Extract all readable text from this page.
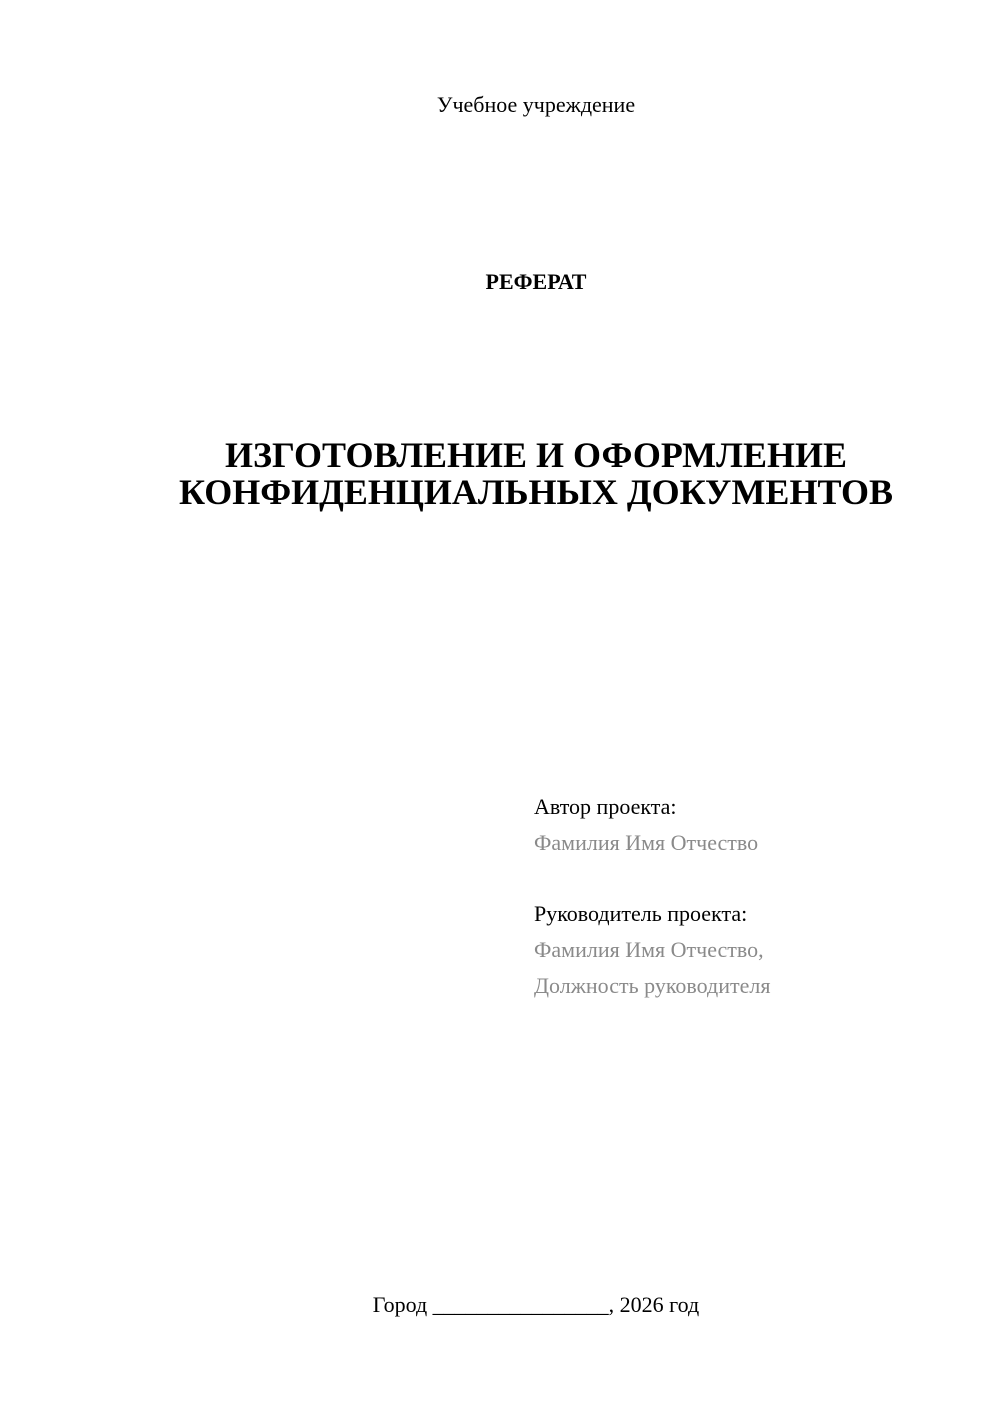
Учебное учреждение
РЕФЕРАТ
ИЗГОТОВЛЕНИЕ И ОФОРМЛЕНИЕ
КОНФИДЕНЦИАЛЬНЫХ ДОКУМЕНТОВ
Автор проекта:
Фамилия Имя Отчество
Руководитель проекта:
Фамилия Имя Отчество,
Должность руководителя
Город ________________, 2026 год
